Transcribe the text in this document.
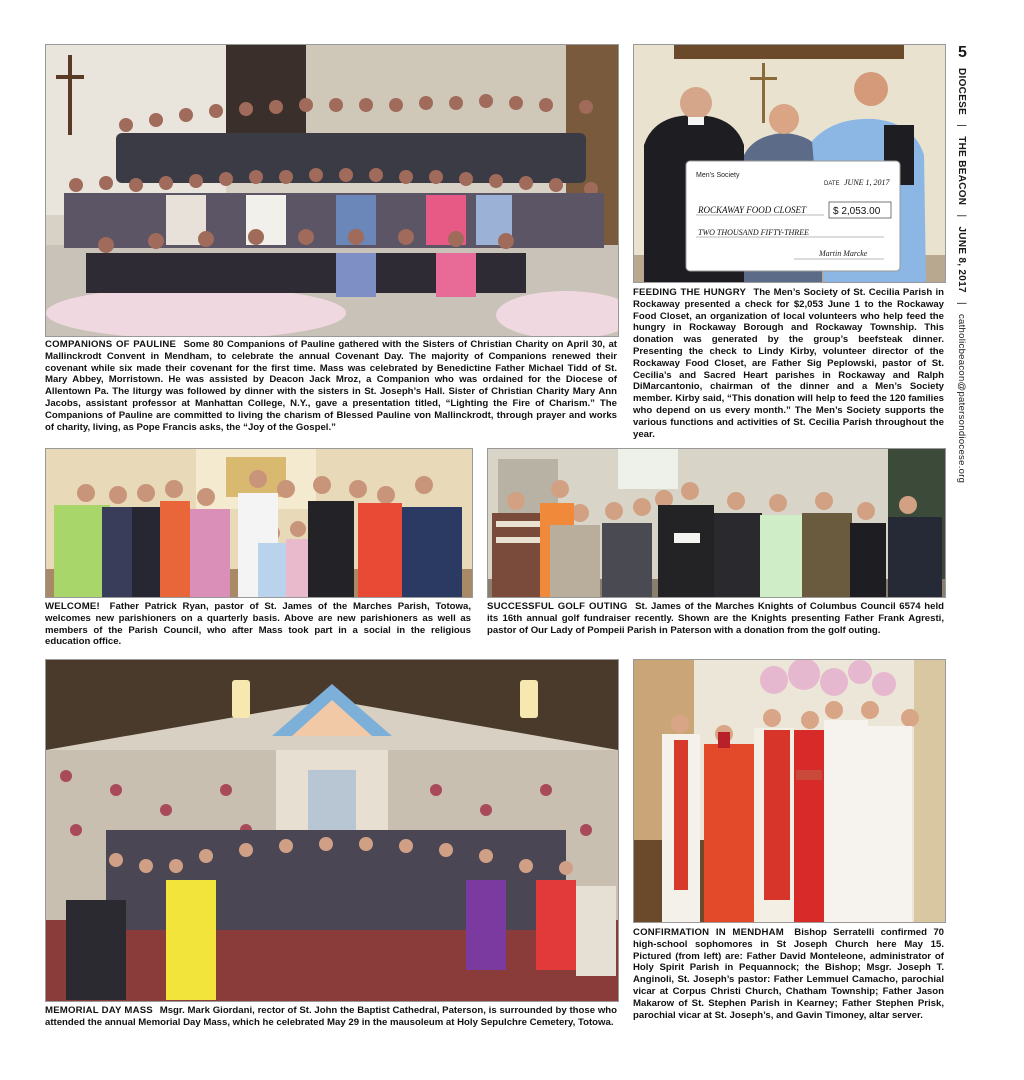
COMPANIONS OF PAULINE Some 80 Companions of Pauline gathered with the Sisters of Christian Charity on April 30, at Mallinckrodt Convent in Mendham, to celebrate the annual Covenant Day. The majority of Companions renewed their covenant while six made their covenant for the first time. Mass was celebrated by Benedictine Father Michael Tidd of St. Mary Abbey, Morristown. He was assisted by Deacon Jack Mroz, a Companion who was ordained for the Diocese of Allentown Pa. The liturgy was followed by dinner with the sisters in St. Joseph’s Hall. Sister of Christian Charity Mary Ann Jacobs, assistant professor at Manhattan College, N.Y., gave a presentation titled, “Lighting the Fire of Charism.” The Companions of Pauline are committed to living the charism of Blessed Pauline von Mallinckrodt, through prayer and works of charity, living, as Pope Francis asks, the “Joy of the Gospel.”

Men’s Society
DATE JUNE 1, 2017
ROCKAWAY FOOD CLOSET	$ 2,053.00
TWO THOUSAND FIFTY-THREE
Martin Marcke

FEEDING THE HUNGRY The Men’s Society of St. Cecilia Parish in Rockaway presented a check for $2,053 June 1 to the Rockaway Food Closet, an organization of local volunteers who help feed the hungry in Rockaway Borough and Rockaway Township. This donation was generated by the group’s beefsteak dinner. Presenting the check to Lindy Kirby, volunteer director of the Rockaway Food Closet, are Father Sig Peplowski, pastor of St. Cecilia’s and Sacred Heart parishes in Rockaway and Ralph DiMarcantonio, chairman of the dinner and a Men’s Society member. Kirby said, “This donation will help to feed the 120 families who depend on us every month.” The Men’s Society supports the various functions and activities of St. Cecilia Parish throughout the year.

WELCOME! Father Patrick Ryan, pastor of St. James of the Marches Parish, Totowa, welcomes new parishioners on a quarterly basis. Above are new parishioners as well as members of the Parish Council, who after Mass took part in a social in the religious education office.

SUCCESSFUL GOLF OUTING St. James of the Marches Knights of Columbus Council 6574 held its 16th annual golf fundraiser recently. Shown are the Knights presenting Father Frank Agresti, pastor of Our Lady of Pompeii Parish in Paterson with a donation from the golf outing.

MEMORIAL DAY MASS Msgr. Mark Giordani, rector of St. John the Baptist Cathedral, Paterson, is surrounded by those who attended the annual Memorial Day Mass, which he celebrated May 29 in the mausoleum at Holy Sepulchre Cemetery, Totowa.

CONFIRMATION IN MENDHAM Bishop Serratelli confirmed 70 high-school sophomores in St Joseph Church here May 15. Pictured (from left) are: Father David Monteleone, administrator of Holy Spirit Parish in Pequannock; the Bishop; Msgr. Joseph T. Anginoli, St. Joseph’s pastor: Father Lemmuel Camacho, parochial vicar at Corpus Christi Church, Chatham Township; Father Jason Makarow of St. Stephen Parish in Kearney; Father Stephen Prisk, parochial vicar at St. Joseph’s, and Gavin Timoney, altar server.

5
DIOCESE | THE BEACON | JUNE 8, 2017 | catholicbeacon@patersondiocese.org
